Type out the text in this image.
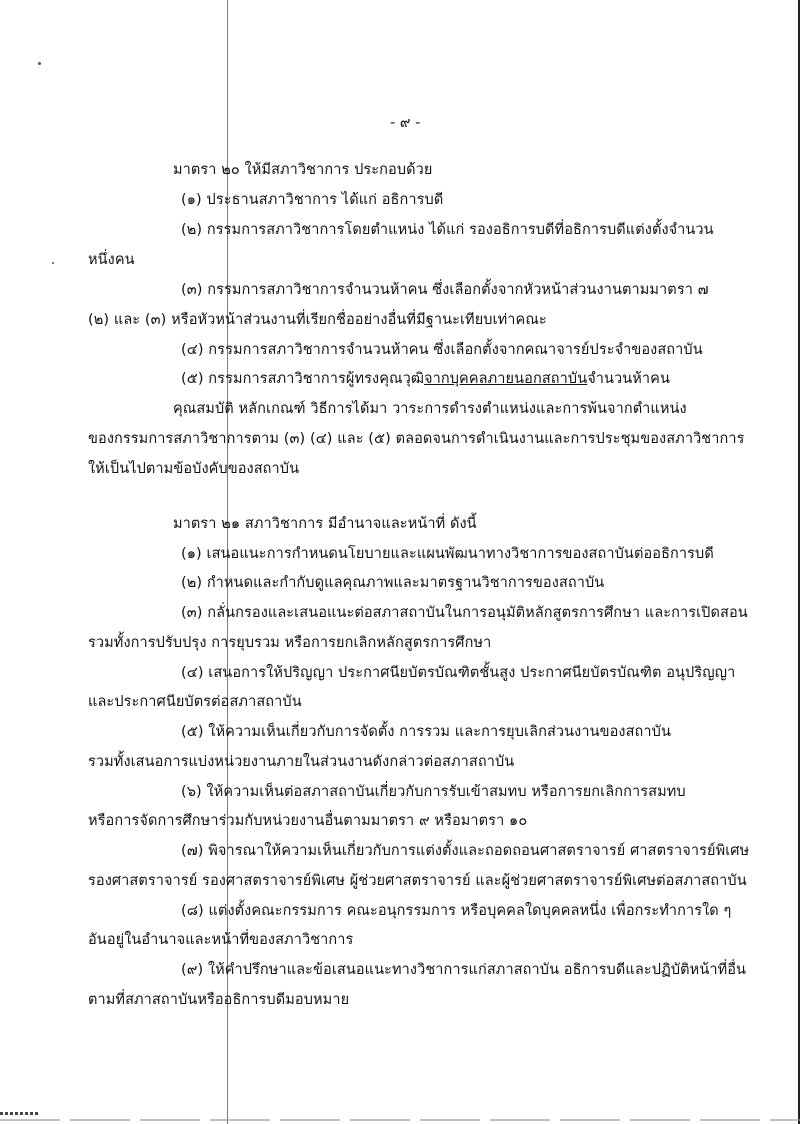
- ๙ -
มาตรา ๒๐ ให้มีสภาวิชาการ ประกอบด้วย
(๑) ประธานสภาวิชาการ ได้แก่ อธิการบดี
(๒) กรรมการสภาวิชาการโดยตำแหน่ง ได้แก่ รองอธิการบดีที่อธิการบดีแต่งตั้งจำนวน
หนึ่งคน
(๓) กรรมการสภาวิชาการจำนวนห้าคน ซึ่งเลือกตั้งจากหัวหน้าส่วนงานตามมาตรา ๗
(๒) และ (๓) หรือหัวหน้าส่วนงานที่เรียกชื่ออย่างอื่นที่มีฐานะเทียบเท่าคณะ
(๔) กรรมการสภาวิชาการจำนวนห้าคน ซึ่งเลือกตั้งจากคณาจารย์ประจำของสถาบัน
(๕) กรรมการสภาวิชาการผู้ทรงคุณวุฒิจากบุคคลภายนอกสถาบันจำนวนห้าคน
คุณสมบัติ หลักเกณฑ์ วิธีการได้มา วาระการดำรงตำแหน่งและการพ้นจากตำแหน่ง
ของกรรมการสภาวิชาการตาม (๓) (๔) และ (๕) ตลอดจนการดำเนินงานและการประชุมของสภาวิชาการ
ให้เป็นไปตามข้อบังคับของสถาบัน
มาตรา ๒๑ สภาวิชาการ มีอำนาจและหน้าที่ ดังนี้
(๑) เสนอแนะการกำหนดนโยบายและแผนพัฒนาทางวิชาการของสถาบันต่ออธิการบดี
(๒) กำหนดและกำกับดูแลคุณภาพและมาตรฐานวิชาการของสถาบัน
(๓) กลั่นกรองและเสนอแนะต่อสภาสถาบันในการอนุมัติหลักสูตรการศึกษา และการเปิดสอน
รวมทั้งการปรับปรุง การยุบรวม หรือการยกเลิกหลักสูตรการศึกษา
(๔) เสนอการให้ปริญญา ประกาศนียบัตรบัณฑิตชั้นสูง ประกาศนียบัตรบัณฑิต อนุปริญญา
และประกาศนียบัตรต่อสภาสถาบัน
(๕) ให้ความเห็นเกี่ยวกับการจัดตั้ง การรวม และการยุบเลิกส่วนงานของสถาบัน
รวมทั้งเสนอการแบ่งหน่วยงานภายในส่วนงานดังกล่าวต่อสภาสถาบัน
(๖) ให้ความเห็นต่อสภาสถาบันเกี่ยวกับการรับเข้าสมทบ หรือการยกเลิกการสมทบ
หรือการจัดการศึกษาร่วมกับหน่วยงานอื่นตามมาตรา ๙ หรือมาตรา ๑๐
(๗) พิจารณาให้ความเห็นเกี่ยวกับการแต่งตั้งและถอดถอนศาสตราจารย์ ศาสตราจารย์พิเศษ
รองศาสตราจารย์ รองศาสตราจารย์พิเศษ ผู้ช่วยศาสตราจารย์ และผู้ช่วยศาสตราจารย์พิเศษต่อสภาสถาบัน
(๘) แต่งตั้งคณะกรรมการ คณะอนุกรรมการ หรือบุคคลใดบุคคลหนึ่ง เพื่อกระทำการใด ๆ
อันอยู่ในอำนาจและหน้าที่ของสภาวิชาการ
(๙) ให้คำปรึกษาและข้อเสนอแนะทางวิชาการแก่สภาสถาบัน อธิการบดีและปฏิบัติหน้าที่อื่น
ตามที่สภาสถาบันหรืออธิการบดีมอบหมาย
